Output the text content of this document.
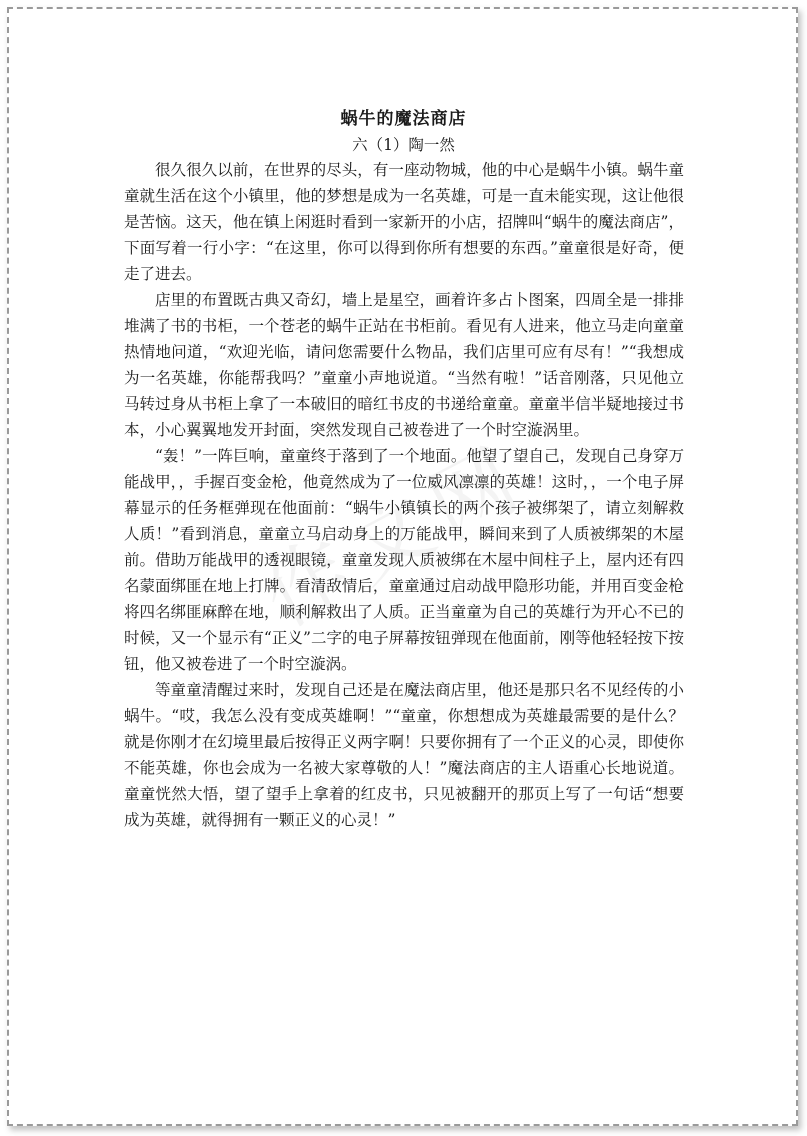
蜗牛的魔法商店
六（1）陶一然

很久很久以前，在世界的尽头，有一座动物城，他的中心是蜗牛小镇。蜗牛童童就生活在这个小镇里，他的梦想是成为一名英雄，可是一直未能实现，这让他很是苦恼。这天，他在镇上闲逛时看到一家新开的小店，招牌叫“蜗牛的魔法商店”，下面写着一行小字：“在这里，你可以得到你所有想要的东西。”童童很是好奇，便走了进去。

店里的布置既古典又奇幻，墙上是星空，画着许多占卜图案，四周全是一排排堆满了书的书柜，一个苍老的蜗牛正站在书柜前。看见有人进来，他立马走向童童热情地问道，“欢迎光临，请问您需要什么物品，我们店里可应有尽有！”“我想成为一名英雄，你能帮我吗？”童童小声地说道。“当然有啦！”话音刚落，只见他立马转过身从书柜上拿了一本破旧的暗红书皮的书递给童童。童童半信半疑地接过书本，小心翼翼地发开封面，突然发现自己被卷进了一个时空漩涡里。

“轰！”一阵巨响，童童终于落到了一个地面。他望了望自己，发现自己身穿万能战甲，，手握百变金枪，他竟然成为了一位威风凛凛的英雄！这时，，一个电子屏幕显示的任务框弹现在他面前：“蜗牛小镇镇长的两个孩子被绑架了，请立刻解救人质！”看到消息，童童立马启动身上的万能战甲，瞬间来到了人质被绑架的木屋前。借助万能战甲的透视眼镜，童童发现人质被绑在木屋中间柱子上，屋内还有四名蒙面绑匪在地上打牌。看清敌情后，童童通过启动战甲隐形功能，并用百变金枪将四名绑匪麻醉在地，顺利解救出了人质。正当童童为自己的英雄行为开心不已的时候，又一个显示有“正义”二字的电子屏幕按钮弹现在他面前，刚等他轻轻按下按钮，他又被卷进了一个时空漩涡。

等童童清醒过来时，发现自己还是在魔法商店里，他还是那只名不见经传的小蜗牛。“哎，我怎么没有变成英雄啊！”“童童，你想想成为英雄最需要的是什么？就是你刚才在幻境里最后按得正义两字啊！只要你拥有了一个正义的心灵，即使你不能英雄，你也会成为一名被大家尊敬的人！”魔法商店的主人语重心长地说道。童童恍然大悟，望了望手上拿着的红皮书，只见被翻开的那页上写了一句话“想要成为英雄，就得拥有一颗正义的心灵！”
